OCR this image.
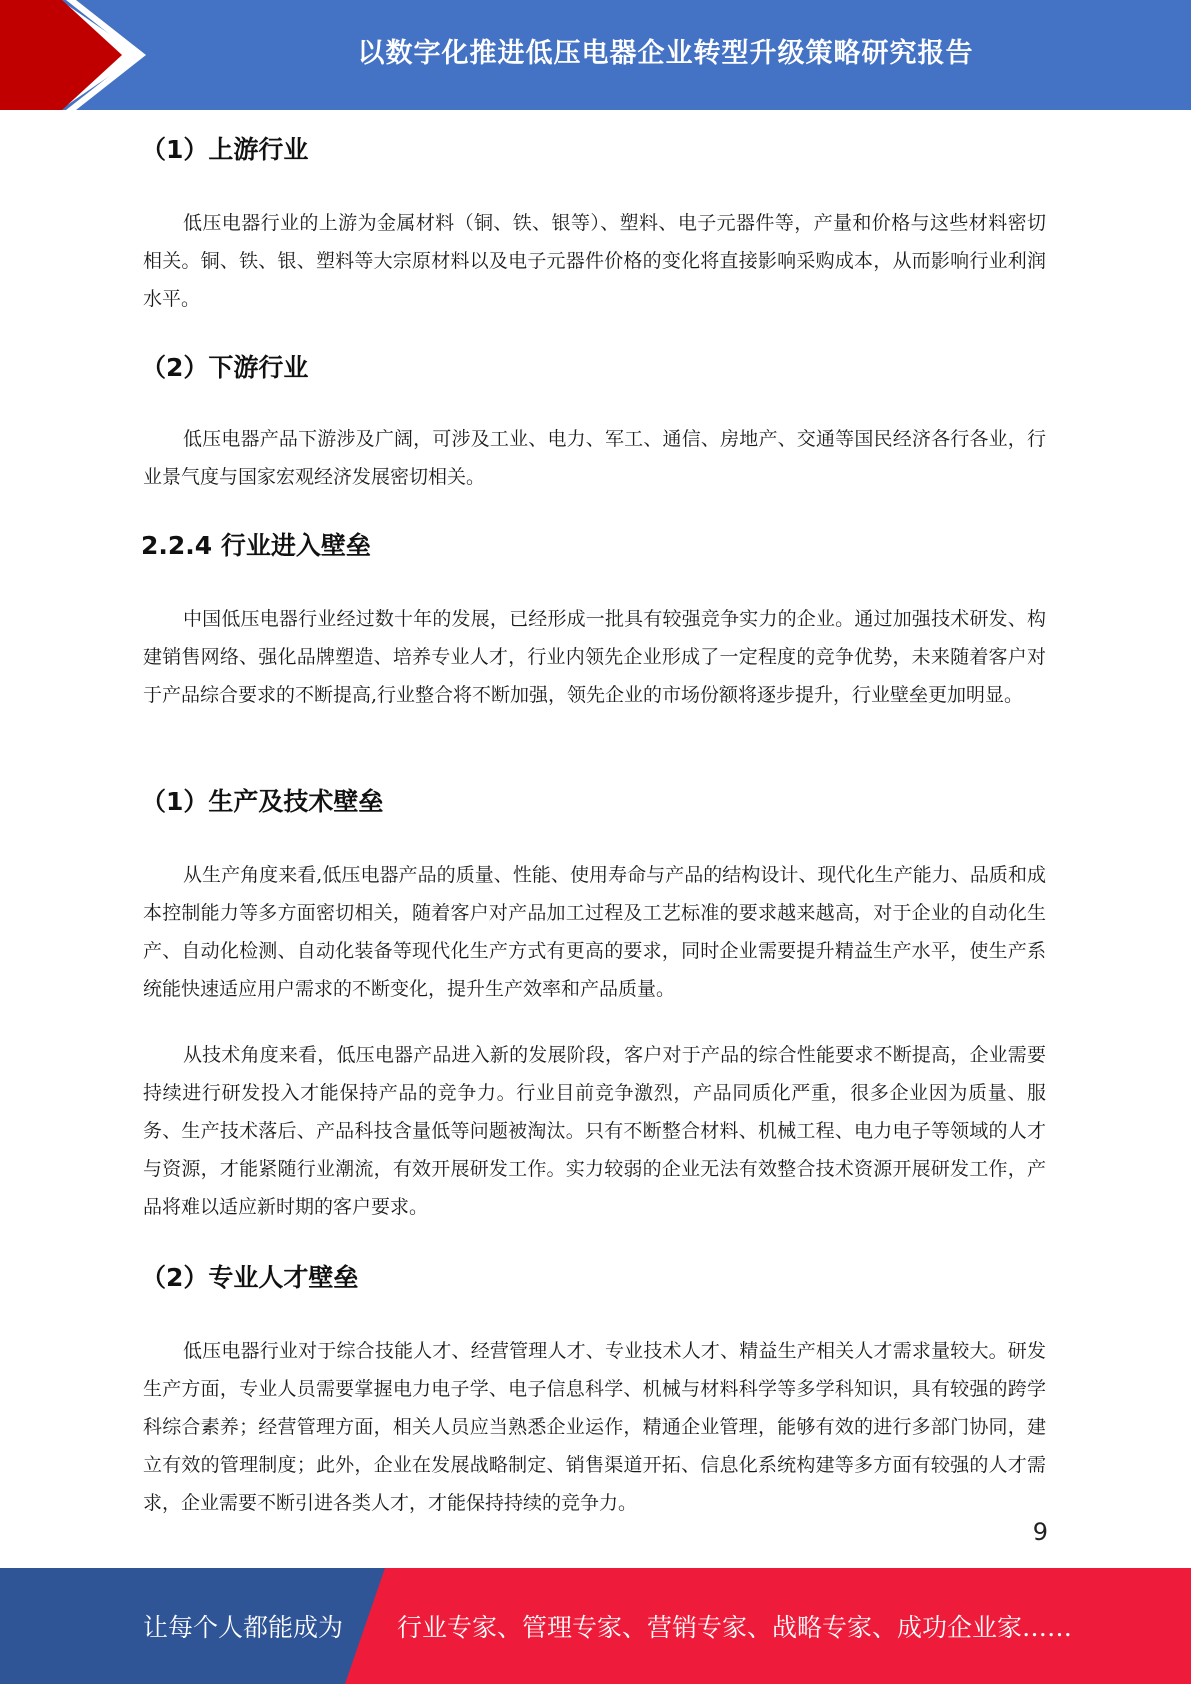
以数字化推进低压电器企业转型升级策略研究报告
（1）上游行业

低压电器行业的上游为金属材料（铜、铁、银等）、塑料、电子元器件等，产量和价格与这些材料密切相关。铜、铁、银、塑料等大宗原材料以及电子元器件价格的变化将直接影响采购成本，从而影响行业利润水平。

（2）下游行业

低压电器产品下游涉及广阔，可涉及工业、电力、军工、通信、房地产、交通等国民经济各行各业，行业景气度与国家宏观经济发展密切相关。

2.2.4 行业进入壁垒

中国低压电器行业经过数十年的发展，已经形成一批具有较强竞争实力的企业。通过加强技术研发、构建销售网络、强化品牌塑造、培养专业人才，行业内领先企业形成了一定程度的竞争优势，未来随着客户对于产品综合要求的不断提高,行业整合将不断加强，领先企业的市场份额将逐步提升，行业壁垒更加明显。

（1）生产及技术壁垒

从生产角度来看,低压电器产品的质量、性能、使用寿命与产品的结构设计、现代化生产能力、品质和成本控制能力等多方面密切相关，随着客户对产品加工过程及工艺标准的要求越来越高，对于企业的自动化生产、自动化检测、自动化装备等现代化生产方式有更高的要求，同时企业需要提升精益生产水平，使生产系统能快速适应用户需求的不断变化，提升生产效率和产品质量。

从技术角度来看，低压电器产品进入新的发展阶段，客户对于产品的综合性能要求不断提高，企业需要持续进行研发投入才能保持产品的竞争力。行业目前竞争激烈，产品同质化严重，很多企业因为质量、服务、生产技术落后、产品科技含量低等问题被淘汰。只有不断整合材料、机械工程、电力电子等领域的人才与资源，才能紧随行业潮流，有效开展研发工作。实力较弱的企业无法有效整合技术资源开展研发工作，产品将难以适应新时期的客户要求。

（2）专业人才壁垒

低压电器行业对于综合技能人才、经营管理人才、专业技术人才、精益生产相关人才需求量较大。研发生产方面，专业人员需要掌握电力电子学、电子信息科学、机械与材料科学等多学科知识，具有较强的跨学科综合素养；经营管理方面，相关人员应当熟悉企业运作，精通企业管理，能够有效的进行多部门协同，建立有效的管理制度；此外，企业在发展战略制定、销售渠道开拓、信息化系统构建等多方面有较强的人才需求，企业需要不断引进各类人才，才能保持持续的竞争力。

9
让每个人都能成为 行业专家、管理专家、营销专家、战略专家、成功企业家……
